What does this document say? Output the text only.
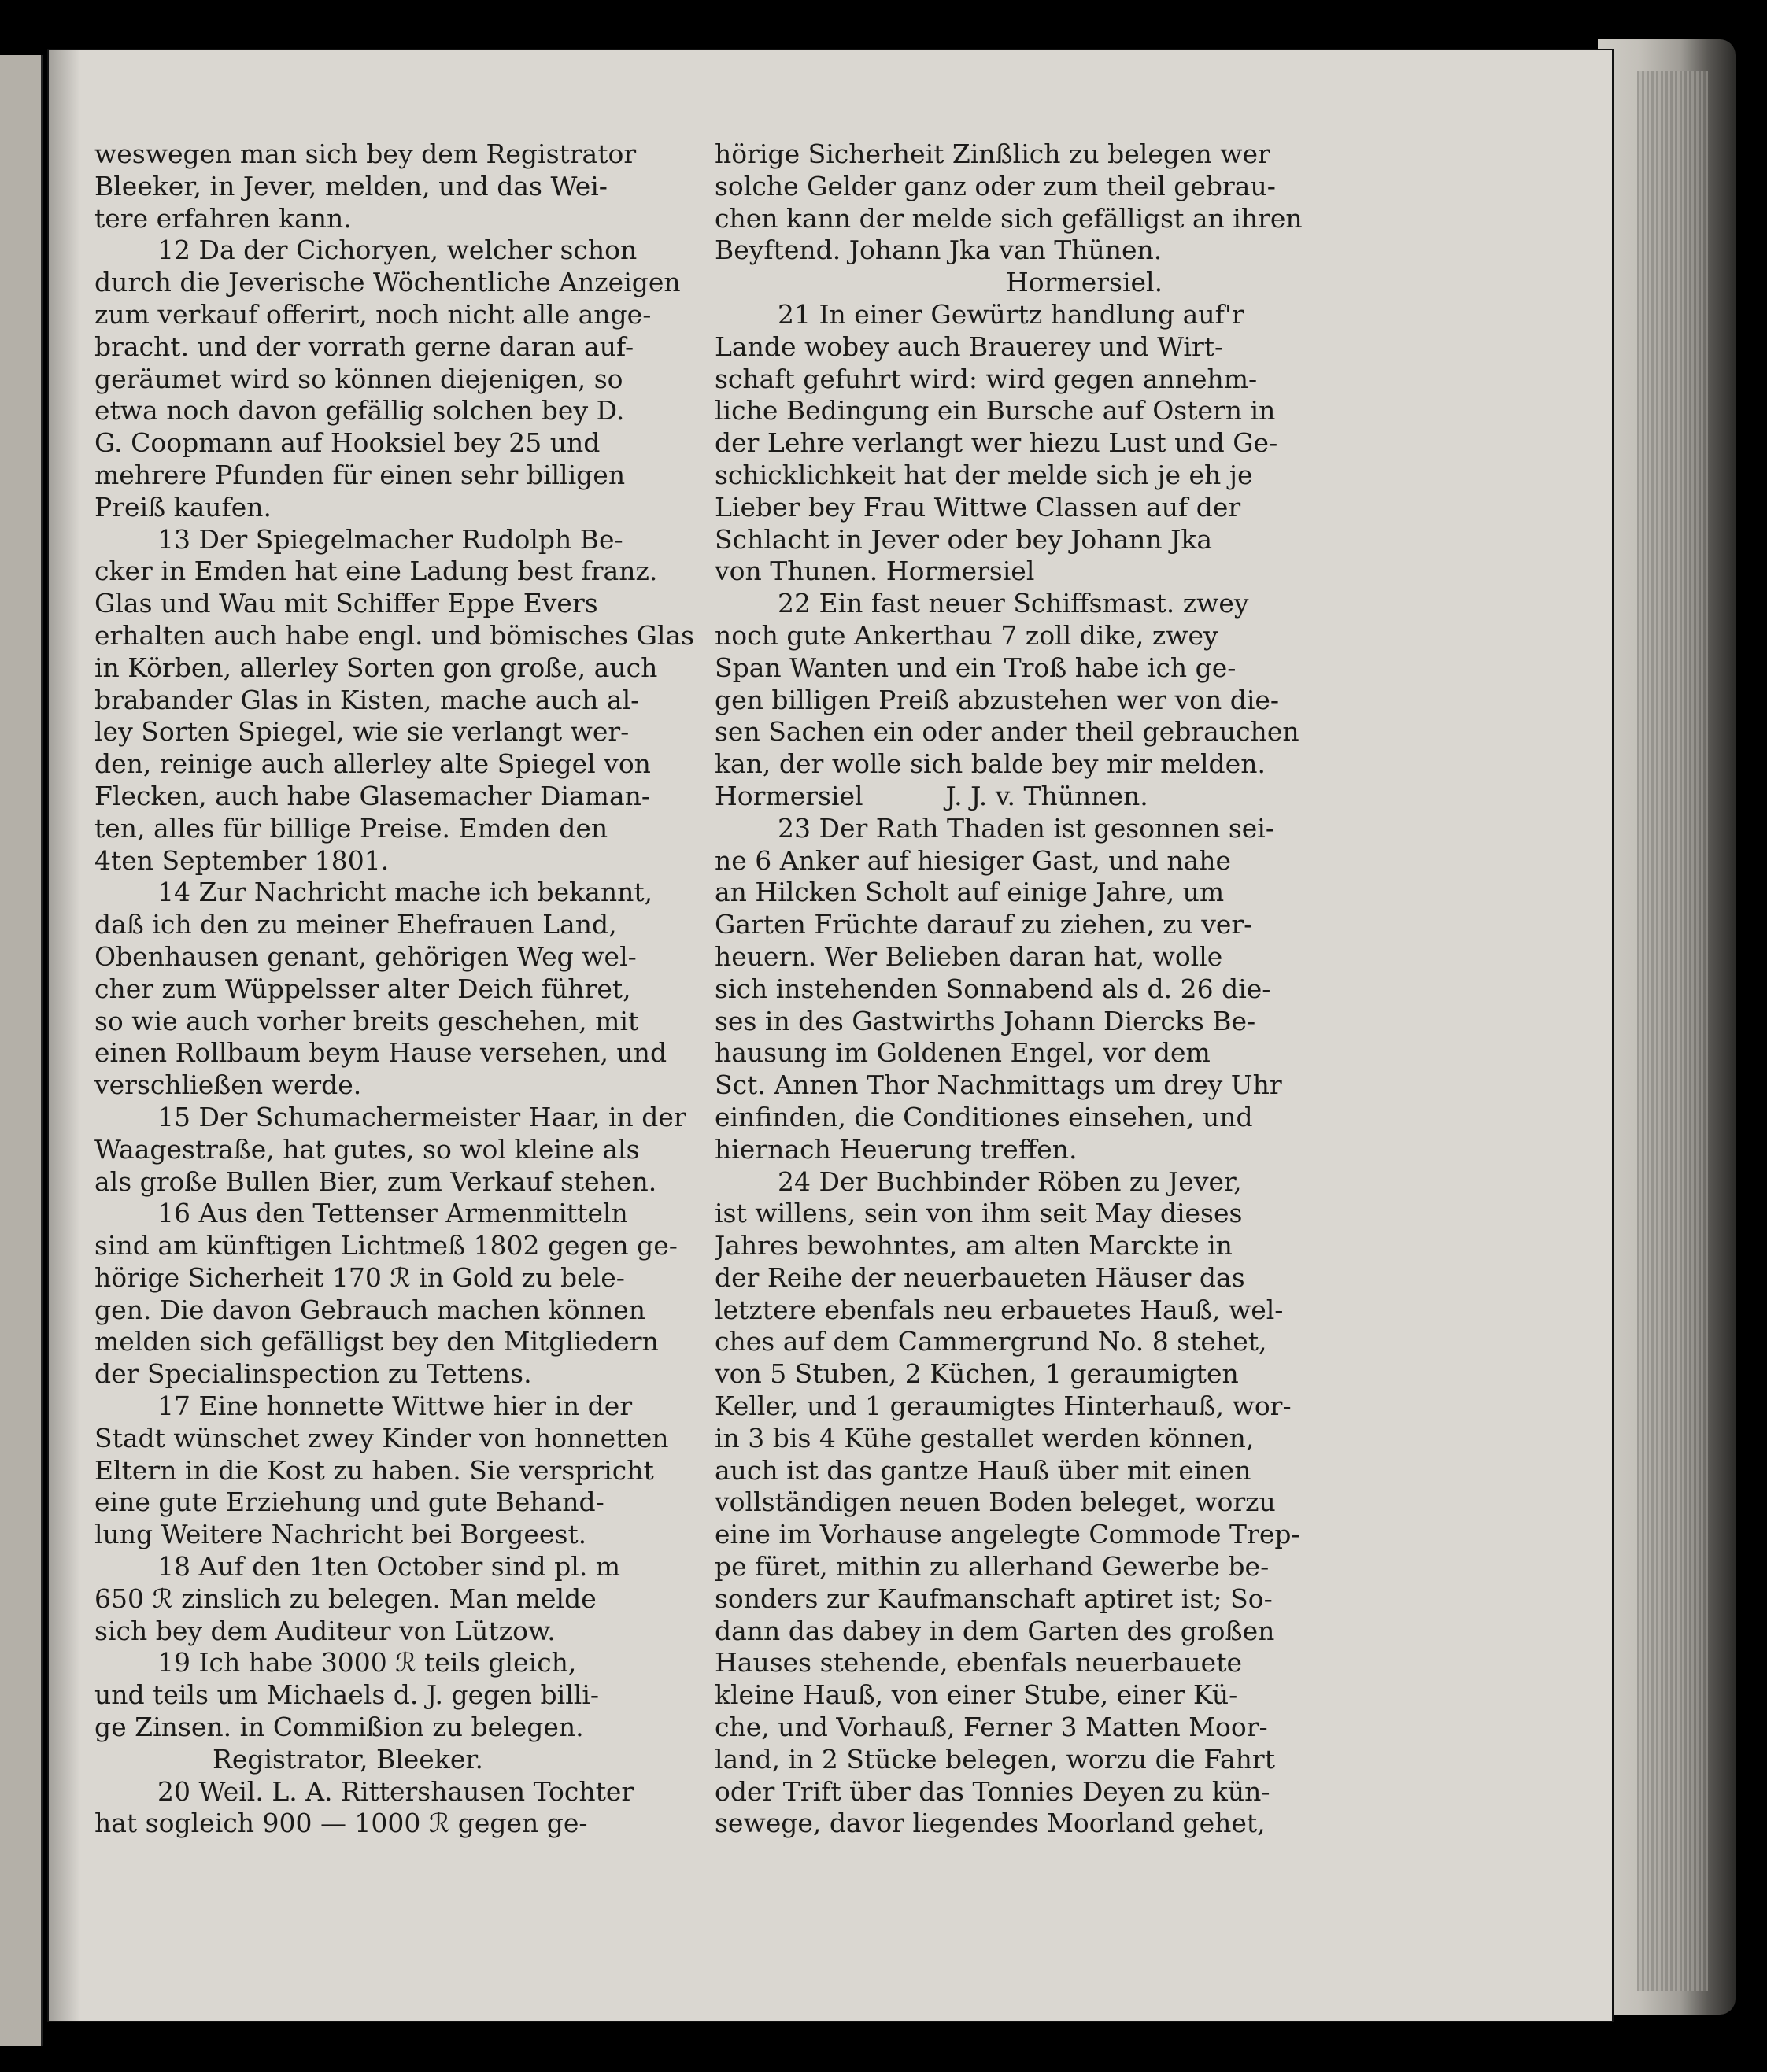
weswegen man sich bey dem Registrator
Bleeker, in Jever, melden, und das Wei-
tere erfahren kann.
12 Da der Cichoryen, welcher schon
durch die Jeverische Wöchentliche Anzeigen
zum verkauf offerirt, noch nicht alle ange-
bracht. und der vorrath gerne daran auf-
geräumet wird so können diejenigen, so
etwa noch davon gefällig solchen bey D.
G. Coopmann auf Hooksiel bey 25 und
mehrere Pfunden für einen sehr billigen
Preiß kaufen.
13 Der Spiegelmacher Rudolph Be-
cker in Emden hat eine Ladung best franz.
Glas und Wau mit Schiffer Eppe Evers
erhalten auch habe engl. und bömisches Glas
in Körben, allerley Sorten gon große, auch
brabander Glas in Kisten, mache auch al-
ley Sorten Spiegel, wie sie verlangt wer-
den, reinige auch allerley alte Spiegel von
Flecken, auch habe Glasemacher Diaman-
ten, alles für billige Preise. Emden den
4ten September 1801.
14 Zur Nachricht mache ich bekannt,
daß ich den zu meiner Ehefrauen Land,
Obenhausen genant, gehörigen Weg wel-
cher zum Wüppelsser alter Deich führet,
so wie auch vorher breits geschehen, mit
einen Rollbaum beym Hause versehen, und
verschließen werde.
15 Der Schumachermeister Haar, in der
Waagestraße, hat gutes, so wol kleine als
als große Bullen Bier, zum Verkauf stehen.
16 Aus den Tettenser Armenmitteln
sind am künftigen Lichtmeß 1802 gegen ge-
hörige Sicherheit 170 ℛ in Gold zu bele-
gen. Die davon Gebrauch machen können
melden sich gefälligst bey den Mitgliedern
der Specialinspection zu Tettens.
17 Eine honnette Wittwe hier in der
Stadt wünschet zwey Kinder von honnetten
Eltern in die Kost zu haben. Sie verspricht
eine gute Erziehung und gute Behand-
lung Weitere Nachricht bei Borgeest.
18 Auf den 1ten October sind pl. m
650 ℛ zinslich zu belegen. Man melde
sich bey dem Auditeur von Lützow.
19 Ich habe 3000 ℛ teils gleich,
und teils um Michaels d. J. gegen billi-
ge Zinsen. in Commißion zu belegen.
Registrator, Bleeker.
20 Weil. L. A. Rittershausen Tochter
hat sogleich 900 — 1000 ℛ gegen ge-
hörige Sicherheit Zinßlich zu belegen wer
solche Gelder ganz oder zum theil gebrau-
chen kann der melde sich gefälligst an ihren
Beyftend. Johann Jka van Thünen.
Hormersiel.
21 In einer Gewürtz handlung auf'r
Lande wobey auch Brauerey und Wirt-
schaft gefuhrt wird: wird gegen annehm-
liche Bedingung ein Bursche auf Ostern in
der Lehre verlangt wer hiezu Lust und Ge-
schicklichkeit hat der melde sich je eh je
Lieber bey Frau Wittwe Classen auf der
Schlacht in Jever oder bey Johann Jka
von Thunen. Hormersiel
22 Ein fast neuer Schiffsmast. zwey
noch gute Ankerthau 7 zoll dike, zwey
Span Wanten und ein Troß habe ich ge-
gen billigen Preiß abzustehen wer von die-
sen Sachen ein oder ander theil gebrauchen
kan, der wolle sich balde bey mir melden.
Hormersiel          J. J. v. Thünnen.
23 Der Rath Thaden ist gesonnen sei-
ne 6 Anker auf hiesiger Gast, und nahe
an Hilcken Scholt auf einige Jahre, um
Garten Früchte darauf zu ziehen, zu ver-
heuern. Wer Belieben daran hat, wolle
sich instehenden Sonnabend als d. 26 die-
ses in des Gastwirths Johann Diercks Be-
hausung im Goldenen Engel, vor dem
Sct. Annen Thor Nachmittags um drey Uhr
einfinden, die Conditiones einsehen, und
hiernach Heuerung treffen.
24 Der Buchbinder Röben zu Jever,
ist willens, sein von ihm seit May dieses
Jahres bewohntes, am alten Marckte in
der Reihe der neuerbaueten Häuser das
letztere ebenfals neu erbauetes Hauß, wel-
ches auf dem Cammergrund No. 8 stehet,
von 5 Stuben, 2 Küchen, 1 geraumigten
Keller, und 1 geraumigtes Hinterhauß, wor-
in 3 bis 4 Kühe gestallet werden können,
auch ist das gantze Hauß über mit einen
vollständigen neuen Boden beleget, worzu
eine im Vorhause angelegte Commode Trep-
pe füret, mithin zu allerhand Gewerbe be-
sonders zur Kaufmanschaft aptiret ist; So-
dann das dabey in dem Garten des großen
Hauses stehende, ebenfals neuerbauete
kleine Hauß, von einer Stube, einer Kü-
che, und Vorhauß, Ferner 3 Matten Moor-
land, in 2 Stücke belegen, worzu die Fahrt
oder Trift über das Tonnies Deyen zu kün-
sewege, davor liegendes Moorland gehet,
